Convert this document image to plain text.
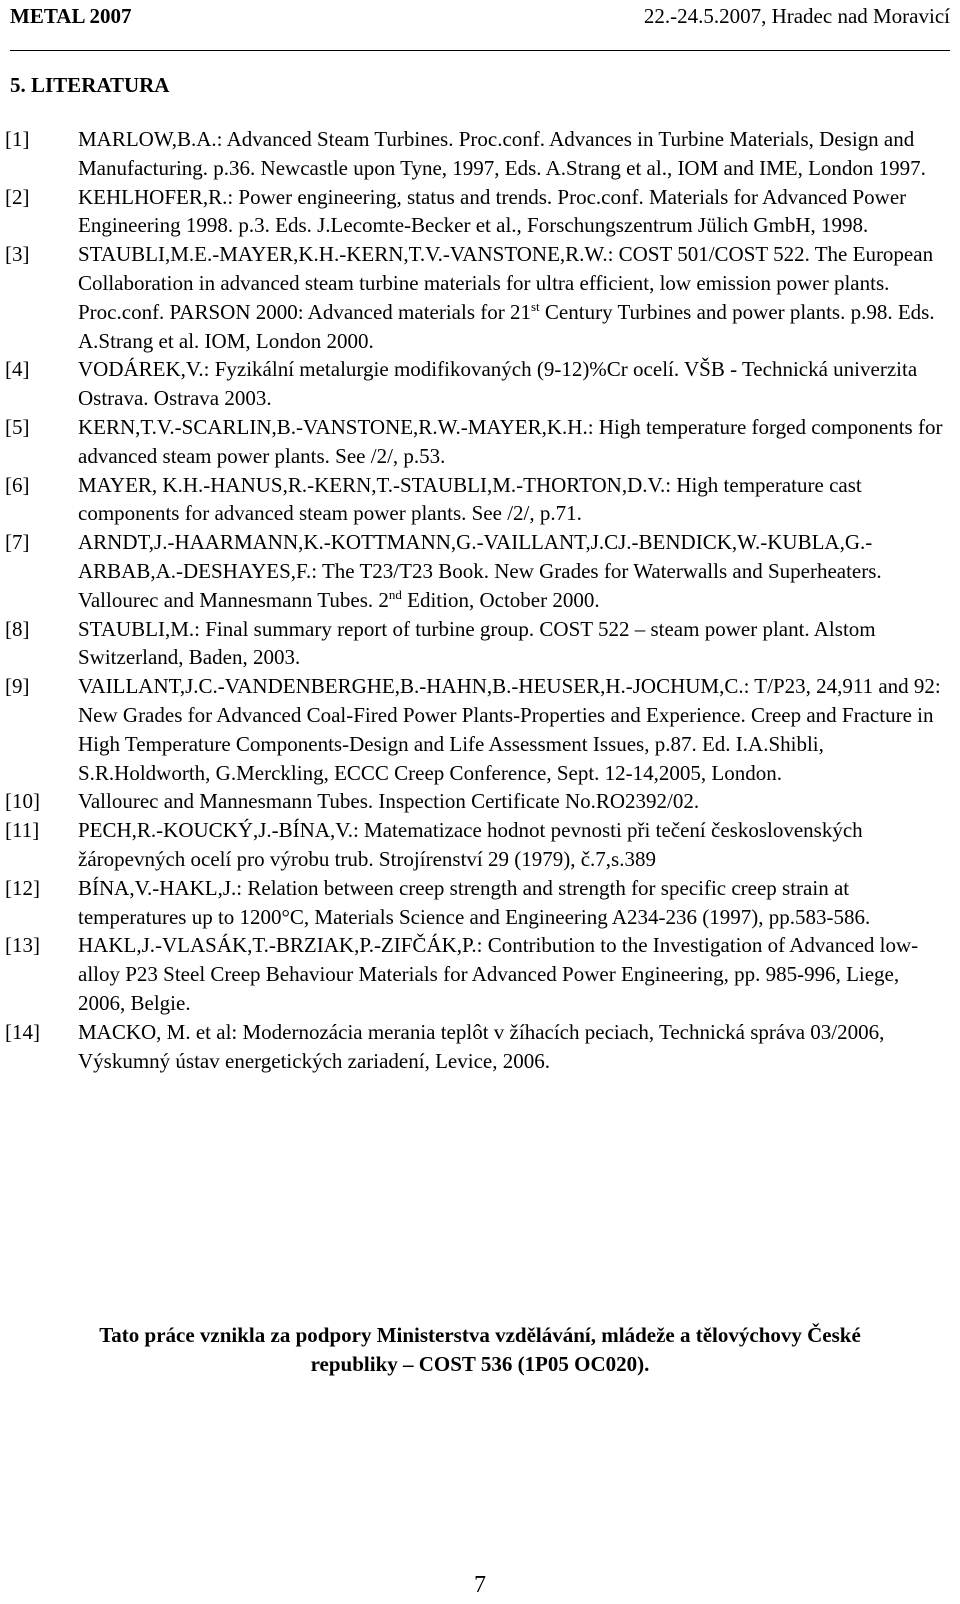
METAL 2007	22.-24.5.2007, Hradec nad Moravicí
5. LITERATURA
[1] MARLOW,B.A.: Advanced Steam Turbines. Proc.conf. Advances in Turbine Materials, Design and Manufacturing. p.36. Newcastle upon Tyne, 1997, Eds. A.Strang et al., IOM and IME, London 1997.
[2] KEHLHOFER,R.: Power engineering, status and trends. Proc.conf. Materials for Advanced Power Engineering 1998. p.3. Eds. J.Lecomte-Becker et al., Forschungszentrum Jülich GmbH, 1998.
[3] STAUBLI,M.E.-MAYER,K.H.-KERN,T.V.-VANSTONE,R.W.: COST 501/COST 522. The European Collaboration in advanced steam turbine materials for ultra efficient, low emission power plants. Proc.conf. PARSON 2000: Advanced materials for 21st Century Turbines and power plants. p.98. Eds. A.Strang et al. IOM, London 2000.
[4] VODÁREK,V.: Fyzikální metalurgie modifikovaných (9-12)%Cr ocelí. VŠB - Technická univerzita Ostrava. Ostrava 2003.
[5] KERN,T.V.-SCARLIN,B.-VANSTONE,R.W.-MAYER,K.H.: High temperature forged components for advanced steam power plants. See /2/, p.53.
[6] MAYER, K.H.-HANUS,R.-KERN,T.-STAUBLI,M.-THORTON,D.V.: High temperature cast components for advanced steam power plants. See /2/, p.71.
[7] ARNDT,J.-HAARMANN,K.-KOTTMANN,G.-VAILLANT,J.CJ.-BENDICK,W.-KUBLA,G.-ARBAB,A.-DESHAYES,F.: The T23/T23 Book. New Grades for Waterwalls and Superheaters. Vallourec and Mannesmann Tubes. 2nd Edition, October 2000.
[8] STAUBLI,M.: Final summary report of turbine group. COST 522 – steam power plant. Alstom Switzerland, Baden, 2003.
[9] VAILLANT,J.C.-VANDENBERGHE,B.-HAHN,B.-HEUSER,H.-JOCHUM,C.: T/P23, 24,911 and 92: New Grades for Advanced Coal-Fired Power Plants-Properties and Experience. Creep and Fracture in High Temperature Components-Design and Life Assessment Issues, p.87. Ed. I.A.Shibli, S.R.Holdworth, G.Merckling, ECCC Creep Conference, Sept. 12-14,2005, London.
[10] Vallourec and Mannesmann Tubes. Inspection Certificate No.RO2392/02.
[11] PECH,R.-KOUCKÝ,J.-BÍNA,V.: Matematizace hodnot pevnosti při tečení československých žáropevných ocelí pro výrobu trub. Strojírenství 29 (1979), č.7,s.389
[12] BÍNA,V.-HAKL,J.: Relation between creep strength and strength for specific creep strain at temperatures up to 1200°C, Materials Science and Engineering A234-236 (1997), pp.583-586.
[13] HAKL,J.-VLASÁK,T.-BRZIAK,P.-ZIFČÁK,P.: Contribution to the Investigation of Advanced low-alloy P23 Steel Creep Behaviour Materials for Advanced Power Engineering, pp. 985-996, Liege, 2006, Belgie.
[14] MACKO, M. et al: Modernozácia merania teplôt v žíhacích peciach, Technická správa 03/2006, Výskumný ústav energetických zariadení, Levice, 2006.
Tato práce vznikla za podpory Ministerstva vzdělávání, mládeže a tělovýchovy České
republiky – COST 536 (1P05 OC020).
7
